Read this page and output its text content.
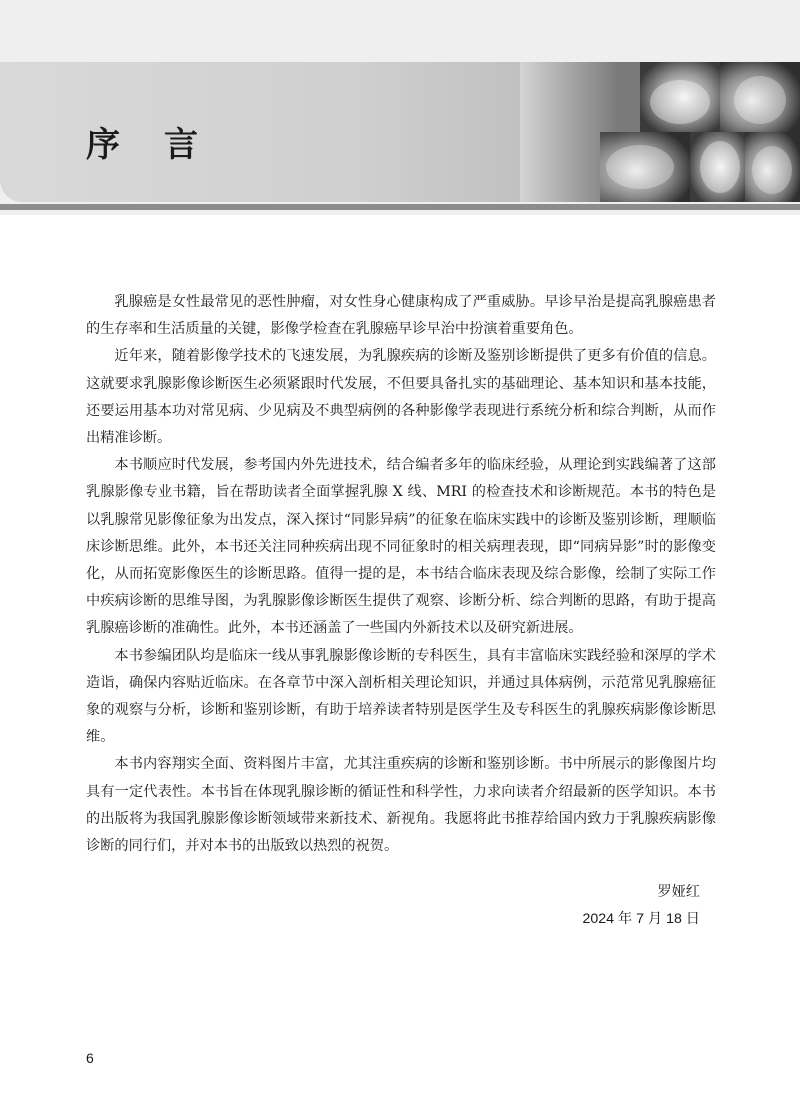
序言

乳腺癌是女性最常见的恶性肿瘤，对女性身心健康构成了严重威胁。早诊早治是提高乳腺癌患者的生存率和生活质量的关键，影像学检查在乳腺癌早诊早治中扮演着重要角色。

近年来，随着影像学技术的飞速发展，为乳腺疾病的诊断及鉴别诊断提供了更多有价值的信息。这就要求乳腺影像诊断医生必须紧跟时代发展，不但要具备扎实的基础理论、基本知识和基本技能，还要运用基本功对常见病、少见病及不典型病例的各种影像学表现进行系统分析和综合判断，从而作出精准诊断。

本书顺应时代发展，参考国内外先进技术，结合编者多年的临床经验，从理论到实践编著了这部乳腺影像专业书籍，旨在帮助读者全面掌握乳腺 X 线、MRI 的检查技术和诊断规范。本书的特色是以乳腺常见影像征象为出发点，深入探讨“同影异病”的征象在临床实践中的诊断及鉴别诊断，理顺临床诊断思维。此外，本书还关注同种疾病出现不同征象时的相关病理表现，即“同病异影”时的影像变化，从而拓宽影像医生的诊断思路。值得一提的是，本书结合临床表现及综合影像，绘制了实际工作中疾病诊断的思维导图，为乳腺影像诊断医生提供了观察、诊断分析、综合判断的思路，有助于提高乳腺癌诊断的准确性。此外，本书还涵盖了一些国内外新技术以及研究新进展。

本书参编团队均是临床一线从事乳腺影像诊断的专科医生，具有丰富临床实践经验和深厚的学术造诣，确保内容贴近临床。在各章节中深入剖析相关理论知识，并通过具体病例，示范常见乳腺癌征象的观察与分析，诊断和鉴别诊断，有助于培养读者特别是医学生及专科医生的乳腺疾病影像诊断思维。

本书内容翔实全面、资料图片丰富，尤其注重疾病的诊断和鉴别诊断。书中所展示的影像图片均具有一定代表性。本书旨在体现乳腺诊断的循证性和科学性，力求向读者介绍最新的医学知识。本书的出版将为我国乳腺影像诊断领域带来新技术、新视角。我愿将此书推荐给国内致力于乳腺疾病影像诊断的同行们，并对本书的出版致以热烈的祝贺。

罗娅红
2024 年 7 月 18 日
6
